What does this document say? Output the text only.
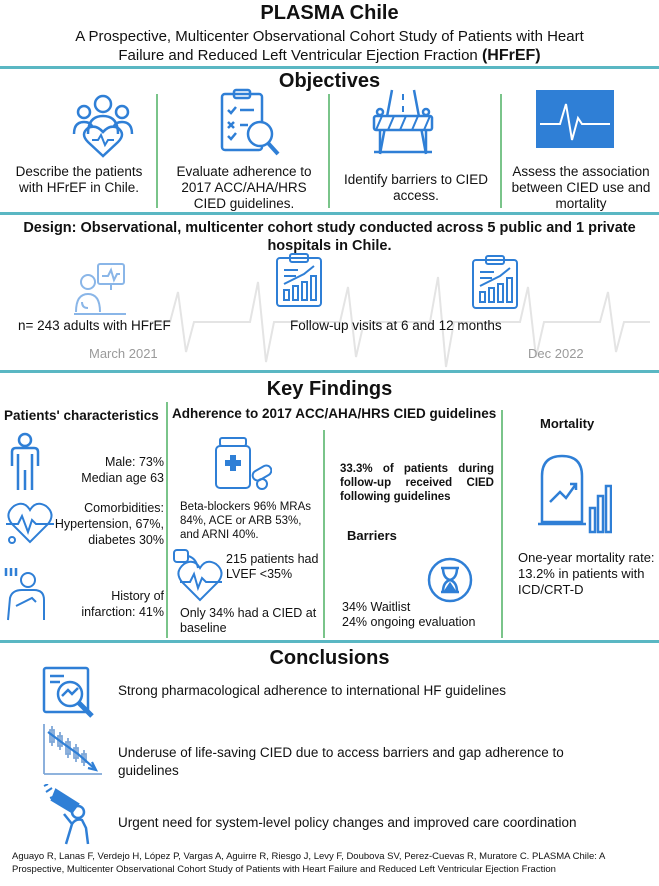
PLASMA Chile
A Prospective, Multicenter Observational Cohort Study of Patients with Heart
Failure and Reduced Left Ventricular Ejection Fraction (HFrEF)
Objectives
Describe the patients with HFrEF in Chile.
Evaluate adherence to 2017 ACC/AHA/HRS CIED guidelines.
Identify barriers to CIED access.
Assess the association between CIED use and mortality
Design: Observational, multicenter cohort study conducted across 5 public and 1 private hospitals in Chile.
n= 243 adults with HFrEF	Follow-up visits at 6 and 12 months
March 2021	Dec 2022
Key Findings
Patients' characteristics
Male: 73%
Median age 63
Comorbidities: Hypertension, 67%, diabetes 30%
History of infarction: 41%
Adherence to 2017 ACC/AHA/HRS CIED guidelines
Beta-blockers 96% MRAs 84%, ACE or ARB 53%, and ARNI 40%.
215 patients had LVEF <35%
Only 34% had a CIED at baseline
33.3% of patients during follow-up received CIED following guidelines
Barriers
34% Waitlist
24% ongoing evaluation
Mortality
One-year mortality rate: 13.2% in patients with ICD/CRT-D
Conclusions
Strong pharmacological adherence to international HF guidelines
Underuse of life-saving CIED due to access barriers and gap adherence to guidelines
Urgent need for system-level policy changes and improved care coordination
Aguayo R, Lanas F, Verdejo H, López P, Vargas A, Aguirre R, Riesgo J, Levy F, Doubova SV, Perez-Cuevas R, Muratore C. PLASMA Chile: A
Prospective, Multicenter Observational Cohort Study of Patients with Heart Failure and Reduced Left Ventricular Ejection Fraction
